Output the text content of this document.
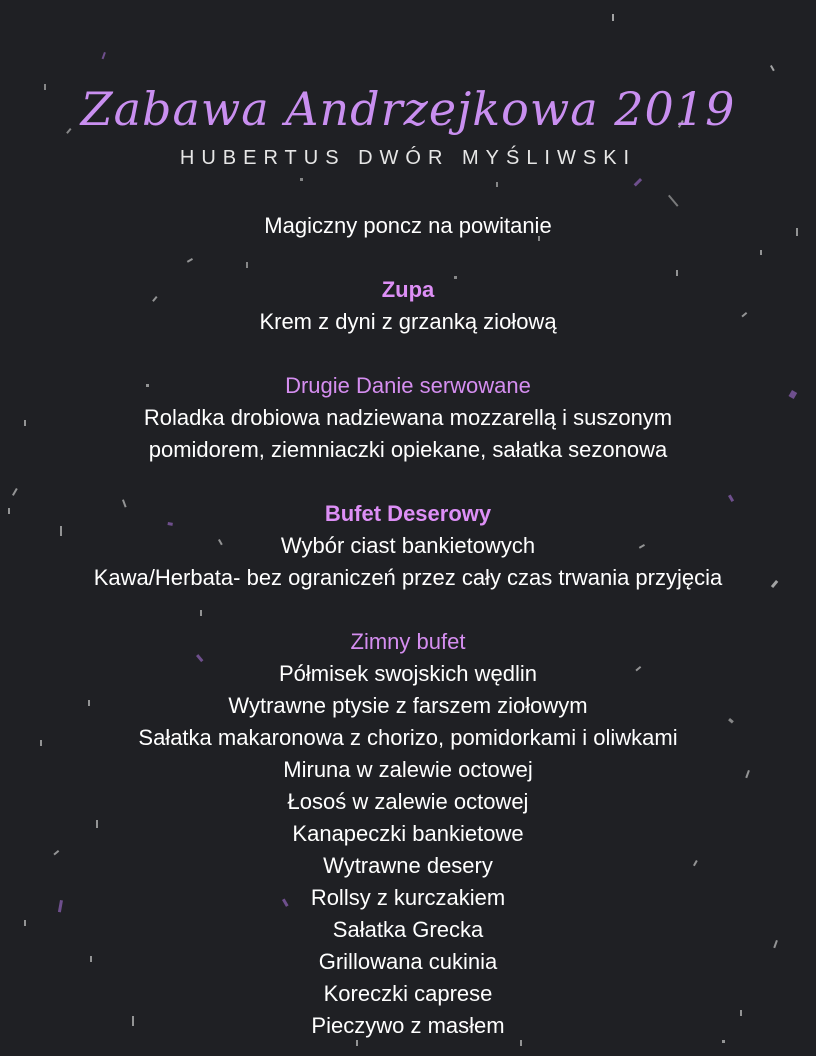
Zabawa Andrzejkowa 2019
HUBERTUS DWÓR MYŚLIWSKI
Magiczny poncz na powitanie
Zupa
Krem z dyni z grzanką ziołową
Drugie Danie serwowane
Roladka drobiowa nadziewana mozzarellą i suszonym
pomidorem, ziemniaczki opiekane, sałatka sezonowa
Bufet Deserowy
Wybór ciast bankietowych
Kawa/Herbata- bez ograniczeń przez cały czas trwania przyjęcia
Zimny bufet
Półmisek swojskich wędlin
Wytrawne ptysie z farszem ziołowym
Sałatka makaronowa z chorizo, pomidorkami i oliwkami
Miruna w zalewie octowej
Łosoś w zalewie octowej
Kanapeczki bankietowe
Wytrawne desery
Rollsy z kurczakiem
Sałatka Grecka
Grillowana cukinia
Koreczki caprese
Pieczywo z masłem
